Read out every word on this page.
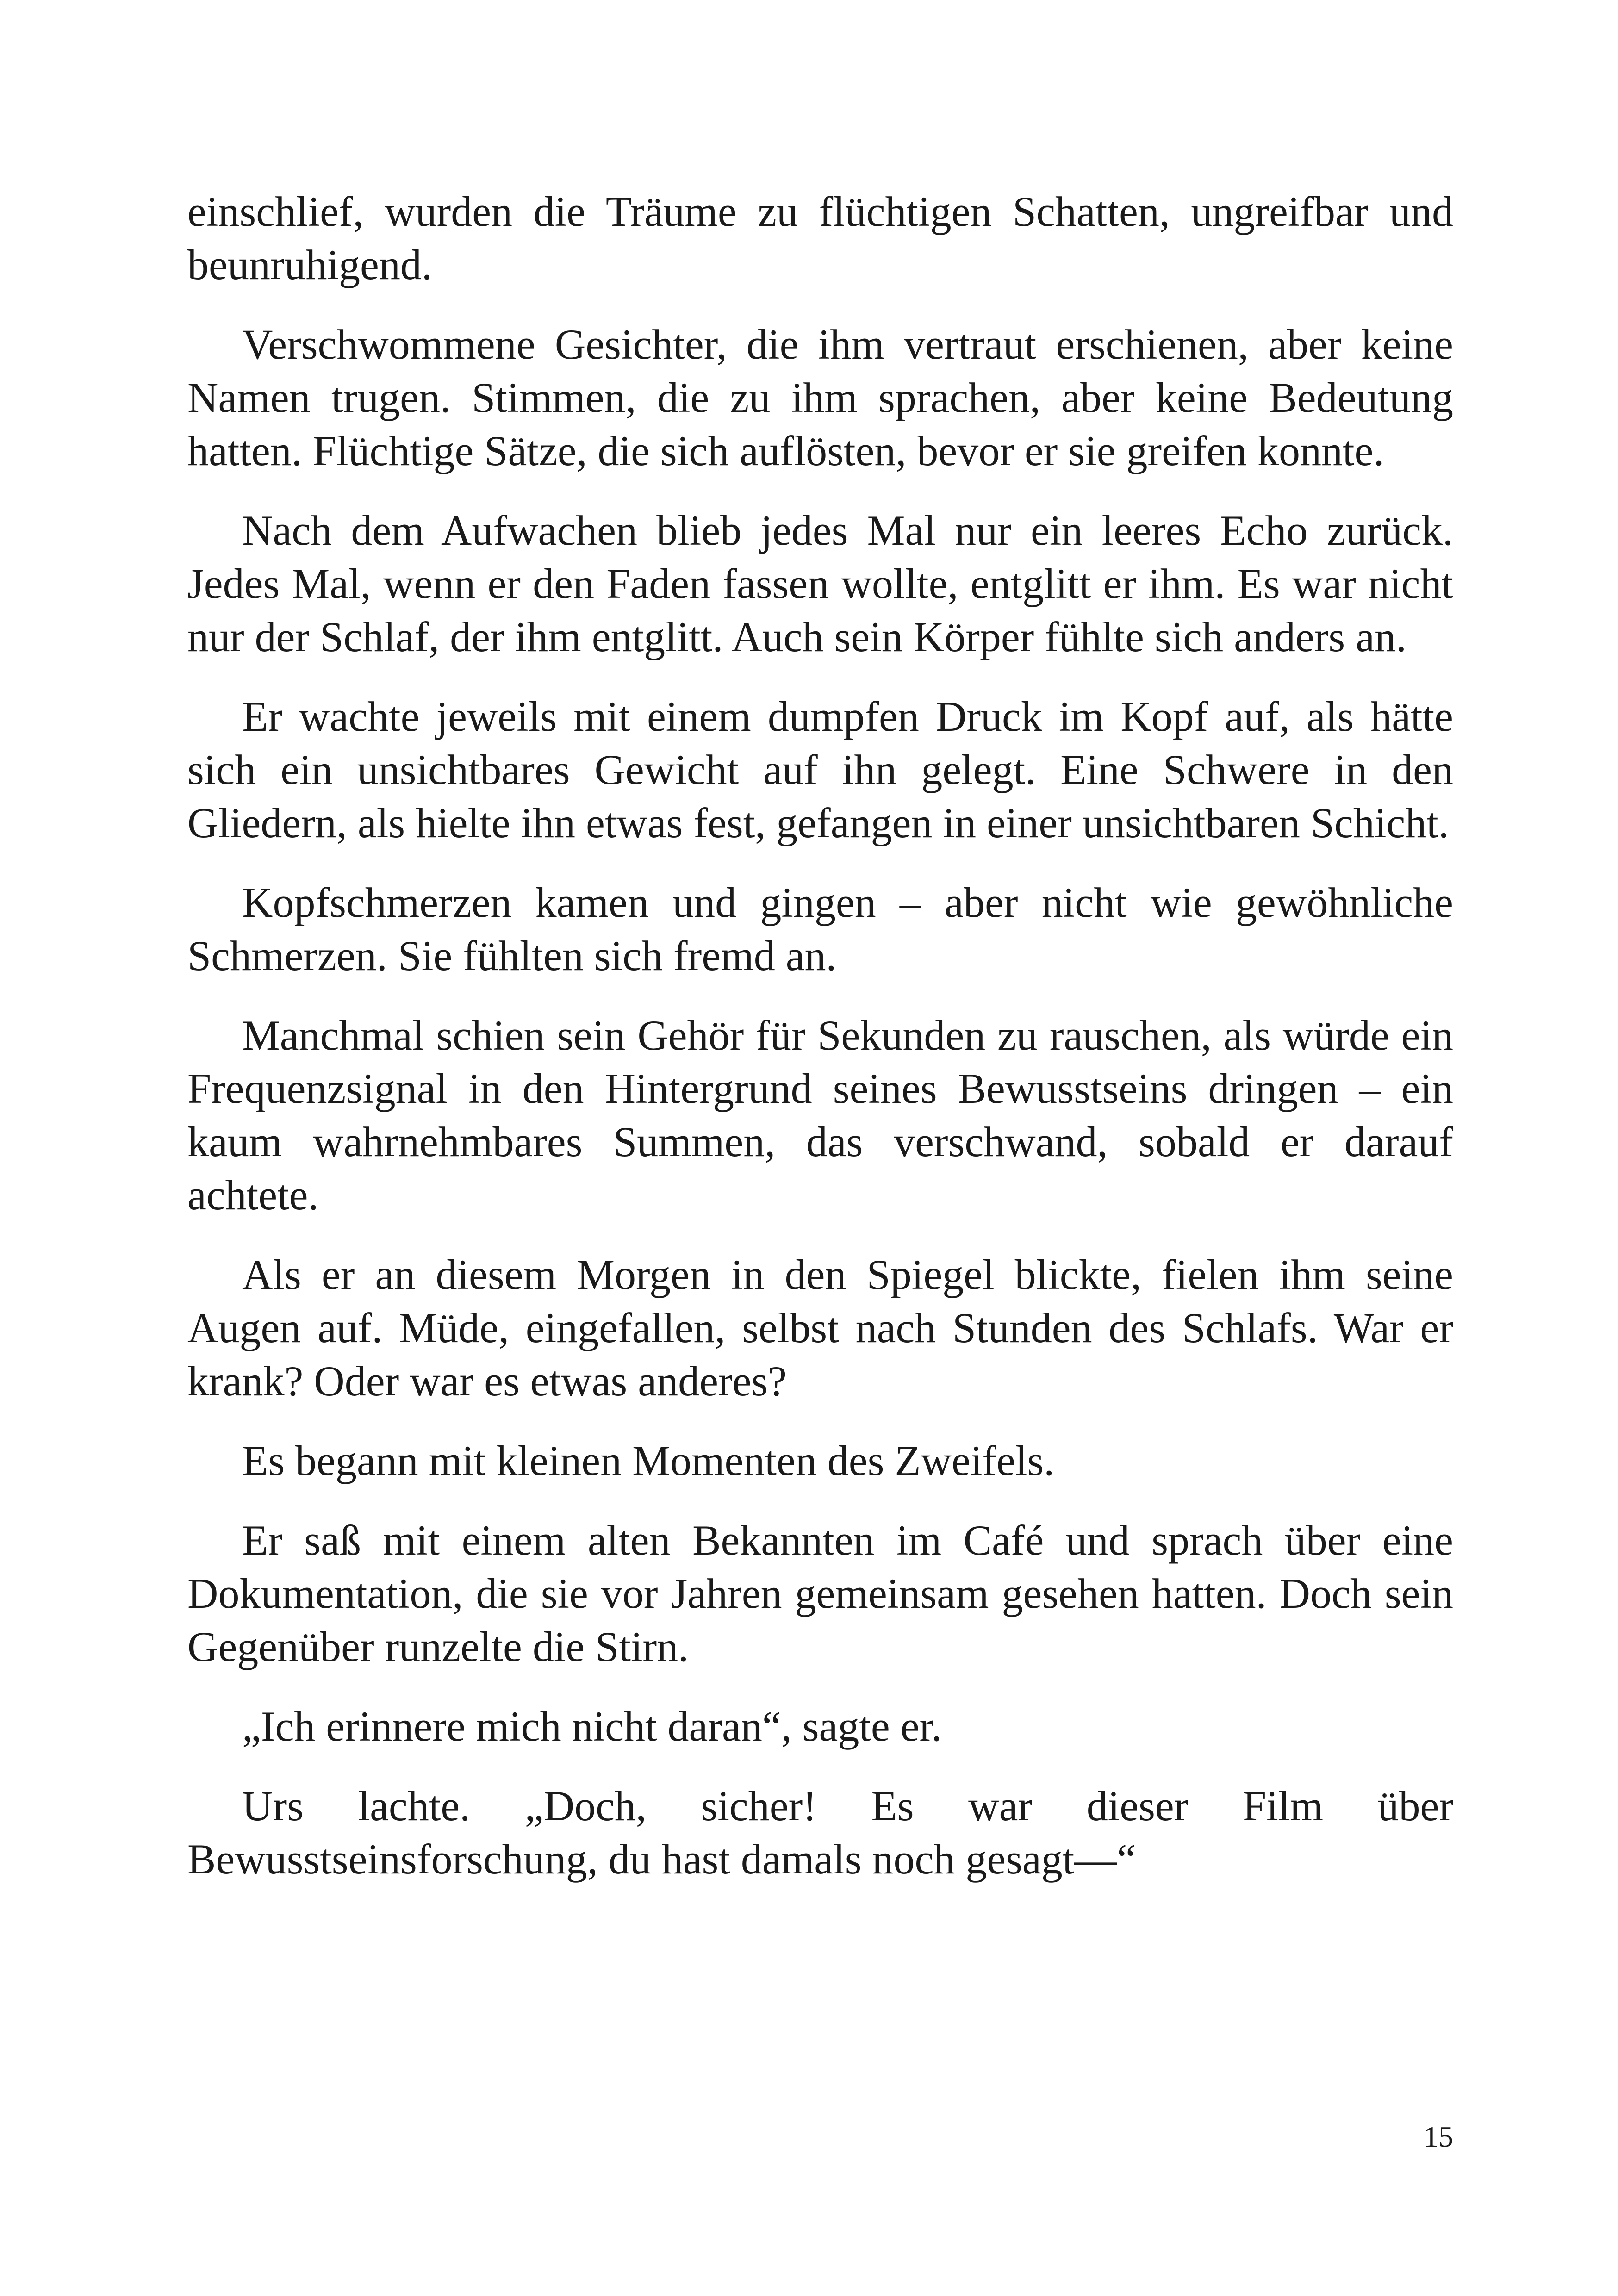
einschlief, wurden die Träume zu flüchtigen Schatten, ungreifbar und beunruhigend.

Verschwommene Gesichter, die ihm vertraut erschienen, aber keine Namen trugen. Stimmen, die zu ihm sprachen, aber keine Bedeutung hatten. Flüchtige Sätze, die sich auflösten, bevor er sie greifen konnte.

Nach dem Aufwachen blieb jedes Mal nur ein leeres Echo zurück. Jedes Mal, wenn er den Faden fassen wollte, entglitt er ihm. Es war nicht nur der Schlaf, der ihm entglitt. Auch sein Körper fühlte sich anders an.

Er wachte jeweils mit einem dumpfen Druck im Kopf auf, als hätte sich ein unsichtbares Gewicht auf ihn gelegt. Eine Schwere in den Gliedern, als hielte ihn etwas fest, gefangen in einer unsichtbaren Schicht.

Kopfschmerzen kamen und gingen – aber nicht wie gewöhnliche Schmerzen. Sie fühlten sich fremd an.

Manchmal schien sein Gehör für Sekunden zu rauschen, als würde ein Frequenzsignal in den Hintergrund seines Bewusstseins dringen – ein kaum wahrnehmbares Summen, das verschwand, sobald er darauf achtete.

Als er an diesem Morgen in den Spiegel blickte, fielen ihm seine Augen auf. Müde, eingefallen, selbst nach Stunden des Schlafs. War er krank? Oder war es etwas anderes?

Es begann mit kleinen Momenten des Zweifels.

Er saß mit einem alten Bekannten im Café und sprach über eine Dokumentation, die sie vor Jahren gemeinsam gesehen hatten. Doch sein Gegenüber runzelte die Stirn.

„Ich erinnere mich nicht daran“, sagte er.

Urs lachte. „Doch, sicher! Es war dieser Film über Bewusstseinsforschung, du hast damals noch gesagt—“

15
